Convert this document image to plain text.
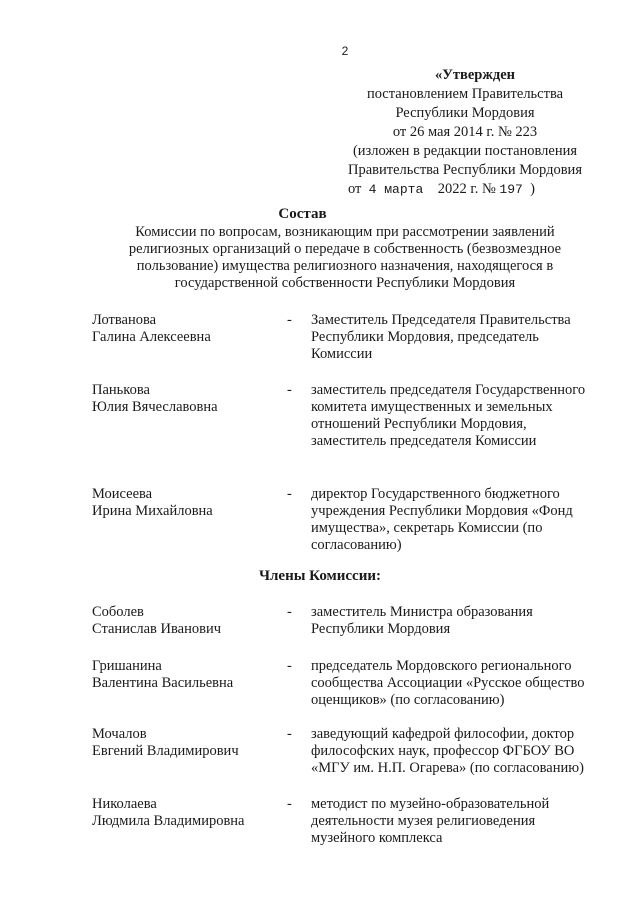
2
«Утвержден
постановлением Правительства
Республики Мордовия
от 26 мая 2014 г. № 223
(изложен в редакции постановления
Правительства Республики Мордовия
от  4 марта    2022 г. № 197  )
Состав
Комиссии по вопросам, возникающим при рассмотрении заявлений религиозных организаций о передаче в собственность (безвозмездное пользование) имущества религиозного назначения, находящегося в государственной собственности Республики Мордовия
Лотванова
Галина Алексеевна
- Заместитель Председателя Правительства Республики Мордовия, председатель Комиссии
Панькова
Юлия Вячеславовна
- заместитель председателя Государственного комитета имущественных и земельных отношений Республики Мордовия, заместитель председателя Комиссии
Моисеева
Ирина Михайловна
- директор Государственного бюджетного учреждения Республики Мордовия «Фонд имущества», секретарь Комиссии (по согласованию)
Члены Комиссии:
Соболев
Станислав Иванович
- заместитель Министра образования Республики Мордовия
Гришанина
Валентина Васильевна
- председатель Мордовского регионального сообщества Ассоциации «Русское общество оценщиков» (по согласованию)
Мочалов
Евгений Владимирович
- заведующий кафедрой философии, доктор философских наук, профессор ФГБОУ ВО «МГУ им. Н.П. Огарева» (по согласованию)
Николаева
Людмила Владимировна
- методист по музейно-образовательной деятельности музея религиоведения музейного комплекса
